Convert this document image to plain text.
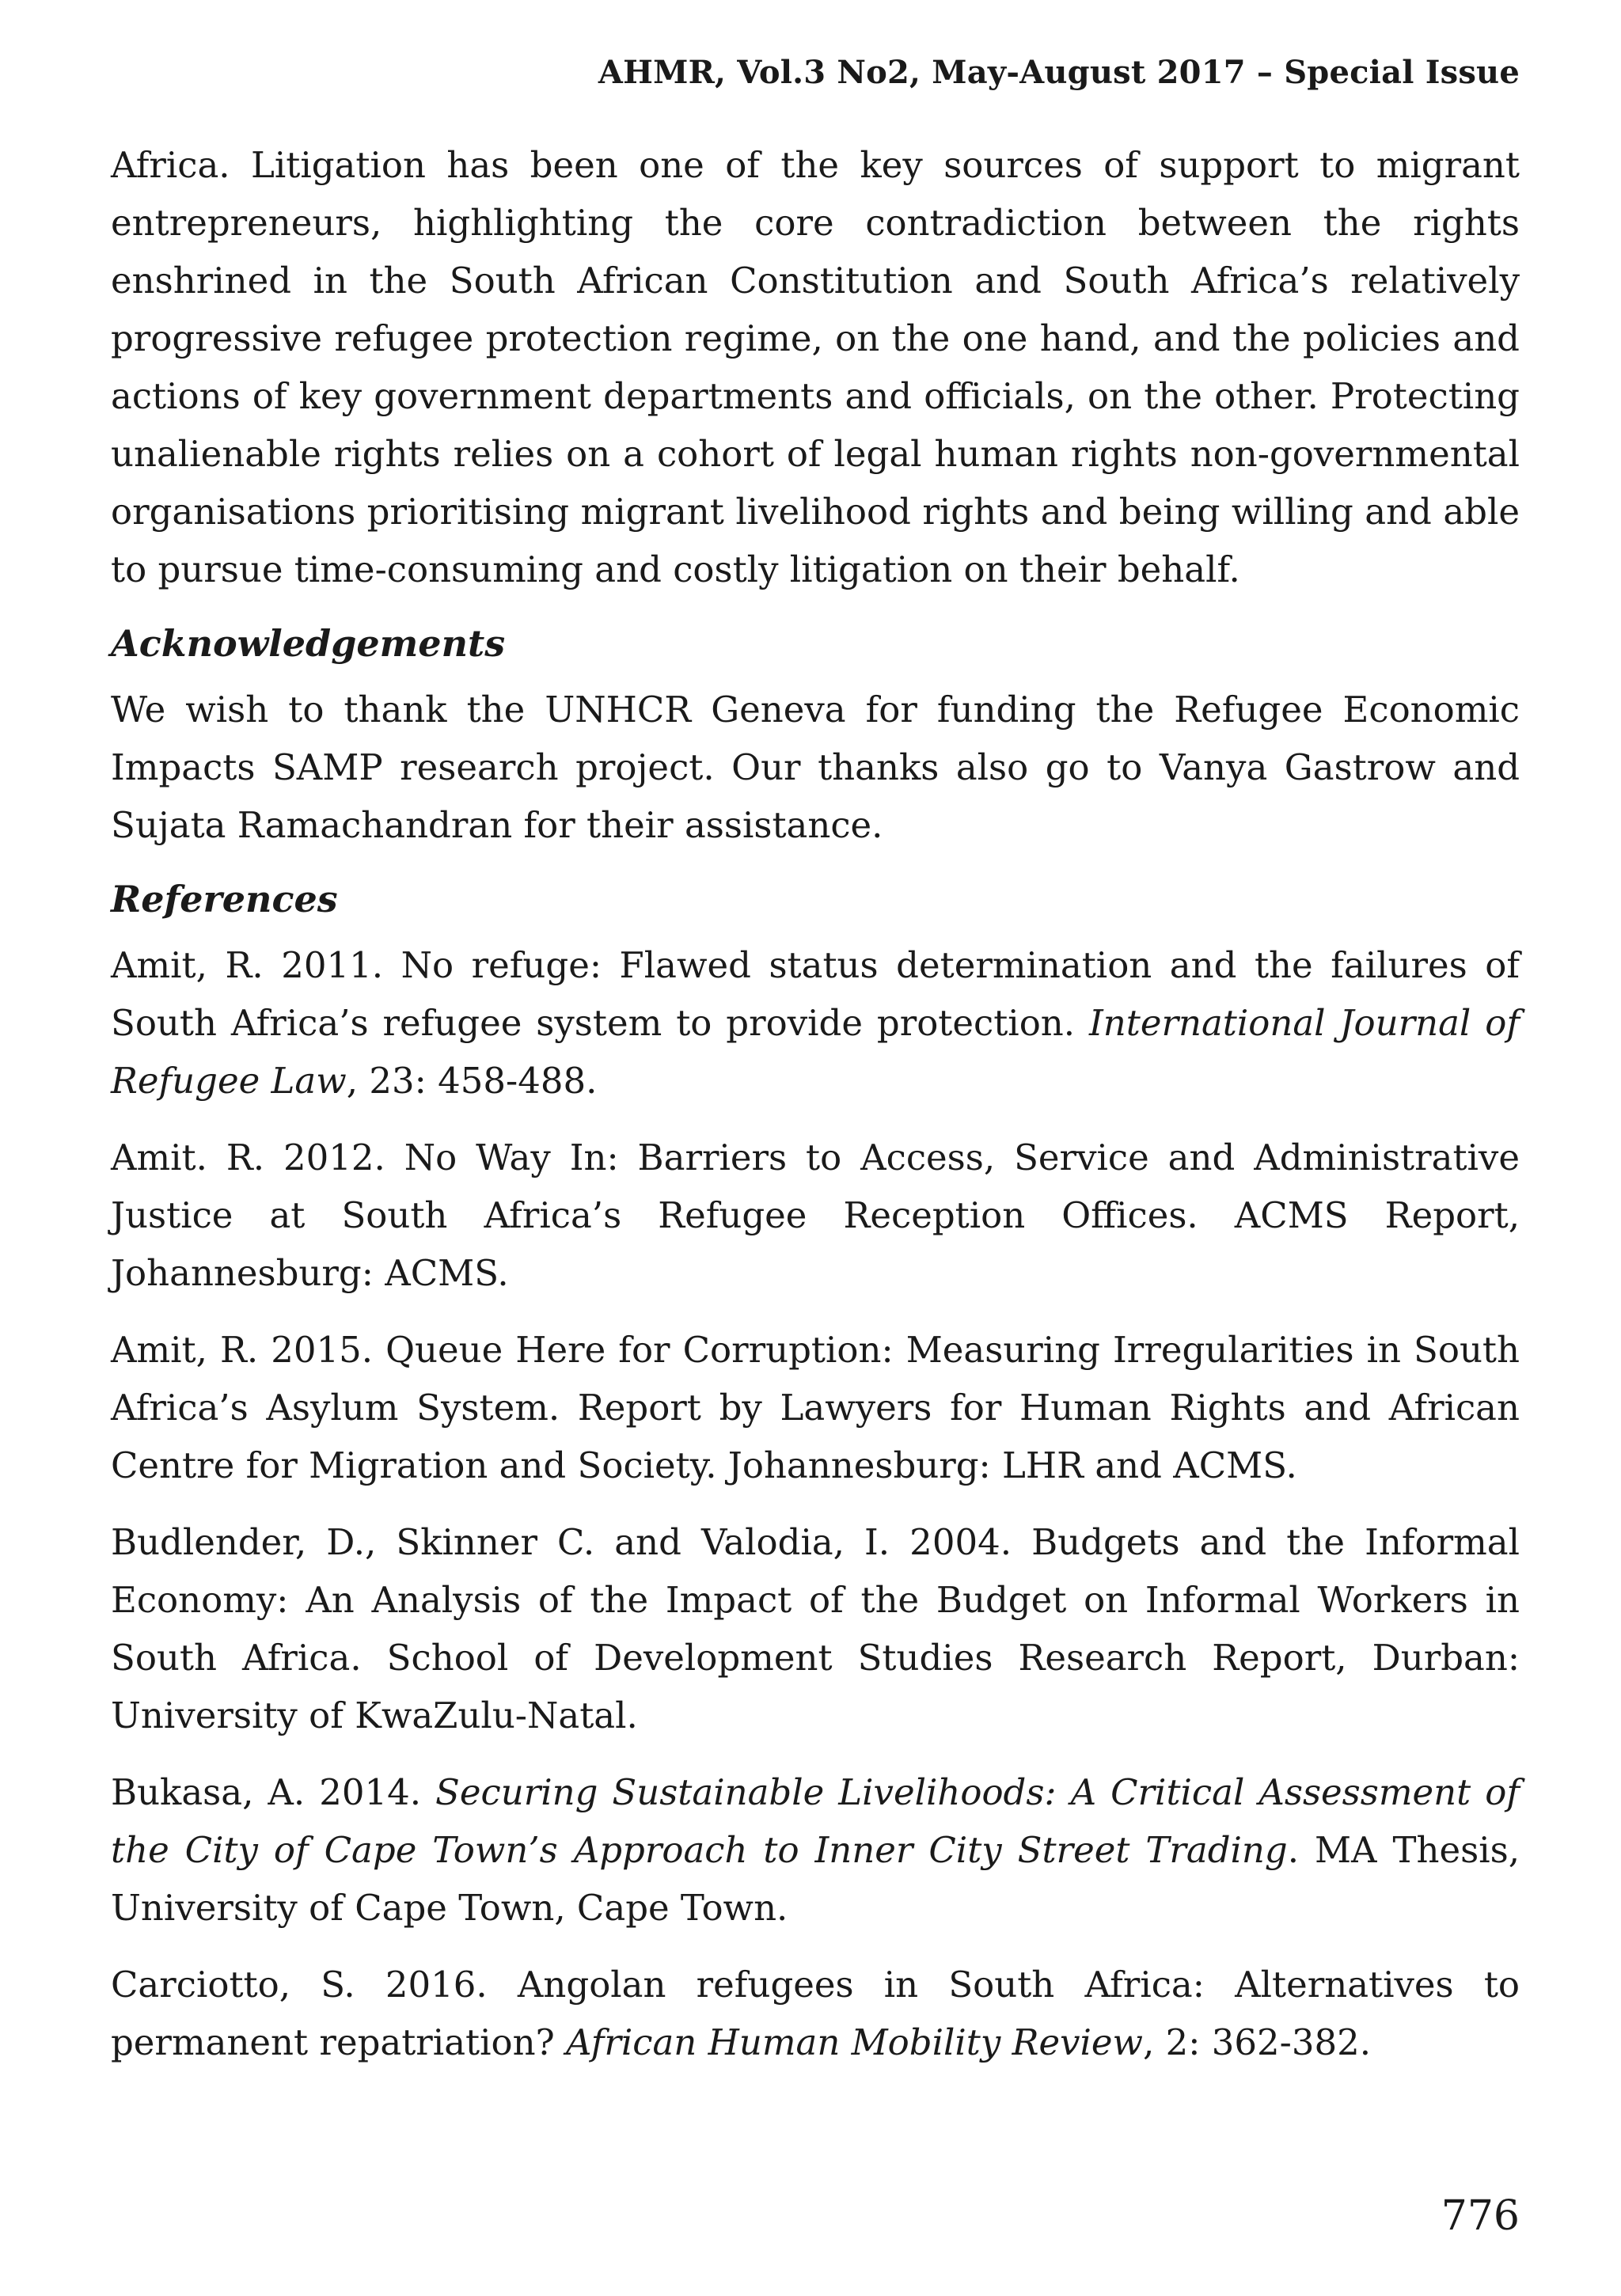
AHMR, Vol.3 No2, May-August 2017 – Special Issue

Africa. Litigation has been one of the key sources of support to migrant entrepreneurs, highlighting the core contradiction between the rights enshrined in the South African Constitution and South Africa’s relatively progressive refugee protection regime, on the one hand, and the policies and actions of key government departments and officials, on the other. Protecting unalienable rights relies on a cohort of legal human rights non-governmental organisations prioritising migrant livelihood rights and being willing and able to pursue time-consuming and costly litigation on their behalf.

Acknowledgements

We wish to thank the UNHCR Geneva for funding the Refugee Economic Impacts SAMP research project. Our thanks also go to Vanya Gastrow and Sujata Ramachandran for their assistance.

References

Amit, R. 2011. No refuge: Flawed status determination and the failures of South Africa’s refugee system to provide protection. International Journal of Refugee Law, 23: 458-488.

Amit. R. 2012. No Way In: Barriers to Access, Service and Administrative Justice at South Africa’s Refugee Reception Offices. ACMS Report, Johannesburg: ACMS.

Amit, R. 2015. Queue Here for Corruption: Measuring Irregularities in South Africa’s Asylum System. Report by Lawyers for Human Rights and African Centre for Migration and Society. Johannesburg: LHR and ACMS.

Budlender, D., Skinner C. and Valodia, I. 2004. Budgets and the Informal Economy: An Analysis of the Impact of the Budget on Informal Workers in South Africa. School of Development Studies Research Report, Durban: University of KwaZulu-Natal.

Bukasa, A. 2014. Securing Sustainable Livelihoods: A Critical Assessment of the City of Cape Town’s Approach to Inner City Street Trading. MA Thesis, University of Cape Town, Cape Town.

Carciotto, S. 2016. Angolan refugees in South Africa: Alternatives to permanent repatriation? African Human Mobility Review, 2: 362-382.

776
